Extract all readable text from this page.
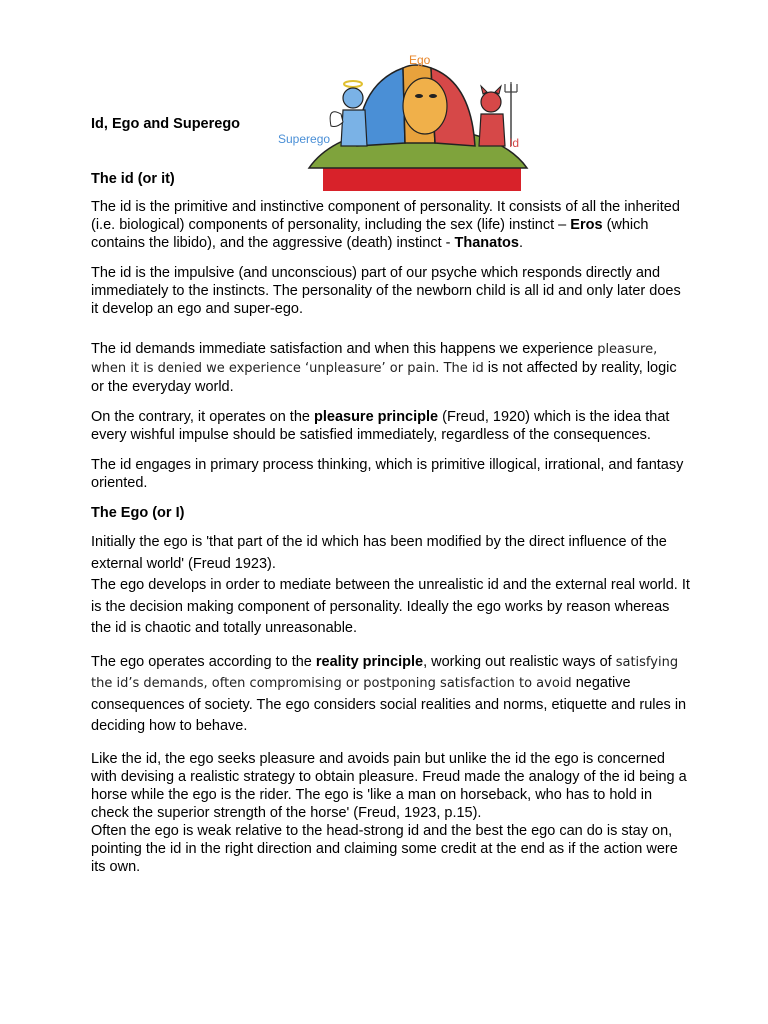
Id, Ego and Superego
Ego
Superego	Id
The id (or it)

The id is the primitive and instinctive component of personality. It consists of all the inherited (i.e. biological) components of personality, including the sex (life) instinct – Eros (which contains the libido), and the aggressive (death) instinct - Thanatos.

The id is the impulsive (and unconscious) part of our psyche which responds directly and immediately to the instincts. The personality of the newborn child is all id and only later does it develop an ego and super-ego.

The id demands immediate satisfaction and when this happens we experience pleasure, when it is denied we experience ‘unpleasure’ or pain. The id is not affected by reality, logic or the everyday world.

On the contrary, it operates on the pleasure principle (Freud, 1920) which is the idea that every wishful impulse should be satisfied immediately, regardless of the consequences.

The id engages in primary process thinking, which is primitive illogical, irrational, and fantasy oriented.

The Ego (or I)

Initially the ego is 'that part of the id which has been modified by the direct influence of the external world' (Freud 1923).
The ego develops in order to mediate between the unrealistic id and the external real world. It is the decision making component of personality. Ideally the ego works by reason whereas the id is chaotic and totally unreasonable.

The ego operates according to the reality principle, working out realistic ways of satisfying the id’s demands, often compromising or postponing satisfaction to avoid negative consequences of society. The ego considers social realities and norms, etiquette and rules in deciding how to behave.

Like the id, the ego seeks pleasure and avoids pain but unlike the id the ego is concerned with devising a realistic strategy to obtain pleasure. Freud made the analogy of the id being a horse while the ego is the rider. The ego is 'like a man on horseback, who has to hold in check the superior strength of the horse' (Freud, 1923, p.15).

Often the ego is weak relative to the head-strong id and the best the ego can do is stay on, pointing the id in the right direction and claiming some credit at the end as if the action were its own.
